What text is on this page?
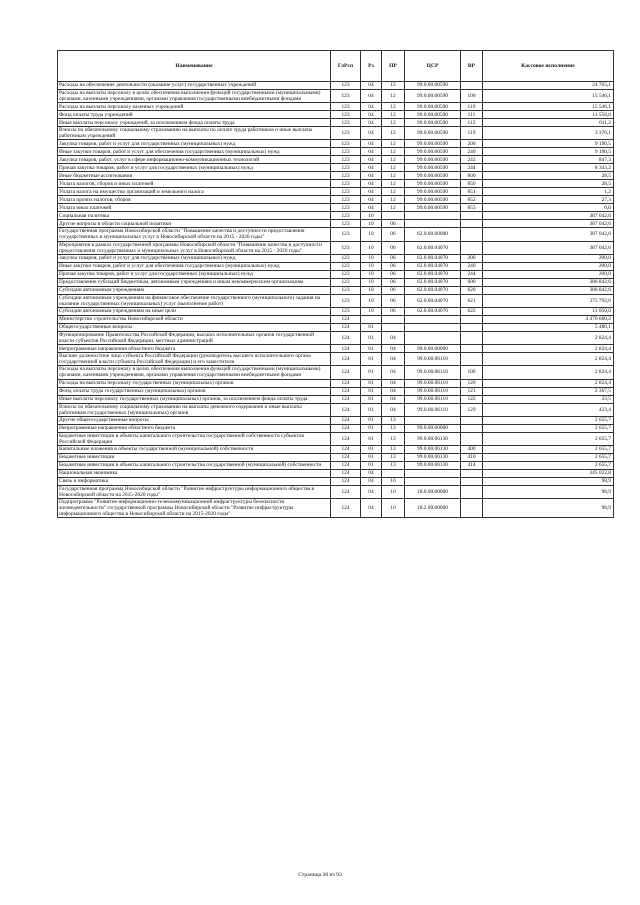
Наименование	ГлРсп	Рз	ПР	ЦСР	ВР	Кассовое исполнение
Расходы на обеспечение деятельности (оказание услуг) государственных учреждений	123	04	12	99.0.00.00590		24 765,1
Расходы на выплаты персоналу в целях обеспечения выполнения функций государственными (муниципальными) органами, казенными учреждениями, органами управления государственными внебюджетными фондами	123	04	12	99.0.00.00590	100	15 546,1
Расходы на выплаты персоналу казенных учреждений	123	04	12	99.0.00.00590	110	15 546,1
Фонд оплаты труда учреждений	123	04	12	99.0.00.00590	111	11 558,8
Иные выплаты персоналу учреждений, за исключением фонда оплаты труда	123	04	12	99.0.00.00590	112	611,2
Взносы по обязательному социальному страхованию на выплаты по оплате труда работников и иные выплаты работникам учреждений	123	04	12	99.0.00.00590	119	3 376,1
Закупка товаров, работ и услуг для государственных (муниципальных) нужд	123	04	12	99.0.00.00590	200	9 190,5
Иные закупки товаров, работ и услуг для обеспечения государственных (муниципальных) нужд	123	04	12	99.0.00.00590	240	9 190,5
Закупка товаров, работ, услуг в сфере информационно-коммуникационных технологий	123	04	12	99.0.00.00590	242	847,3
Прочая закупка товаров, работ и услуг для государственных (муниципальных) нужд	123	04	12	99.0.00.00590	244	8 343,2
Иные бюджетные ассигнования	123	04	12	99.0.00.00590	800	28,5
Уплата налогов, сборов и иных платежей	123	04	12	99.0.00.00590	850	28,5
Уплата налога на имущество организаций и земельного налога	123	04	12	99.0.00.00590	851	1,2
Уплата прочих налогов, сборов	123	04	12	99.0.00.00590	852	27,3
Уплата иных платежей	123	04	12	99.0.00.00590	853	0,0
Социальная политика	123	10				387 042,6
Другие вопросы в области социальной политики	123	10	06			387 042,6
Государственная программа Новосибирской области "Повышение качества и доступности предоставления государственных и муниципальных услуг в Новосибирской области на 2015 - 2020 годы"	123	10	06	62.0.00.00000		387 042,6
Мероприятия в рамках государственной программы Новосибирской области "Повышение качества и доступности предоставления государственных и муниципальных услуг в Новосибирской области на 2015 - 2020 годы"	123	10	06	62.0.00.04070		387 042,6
Закупка товаров, работ и услуг для государственных (муниципальных) нужд	123	10	06	62.0.00.04070	200	200,0
Иные закупки товаров, работ и услуг для обеспечения государственных (муниципальных) нужд	123	10	06	62.0.00.04070	240	200,0
Прочая закупка товаров, работ и услуг для государственных (муниципальных) нужд	123	10	06	62.0.00.04070	244	200,0
Предоставление субсидий бюджетным, автономным учреждениям и иным некоммерческим организациям	123	10	06	62.0.00.04070	600	386 842,6
Субсидии автономным учреждениям	123	10	06	62.0.00.04070	620	386 842,6
Субсидии автономным учреждениям на финансовое обеспечение государственного (муниципального) задания на оказание государственных (муниципальных) услуг (выполнение работ)	123	10	06	62.0.00.04070	621	375 792,6
Субсидии автономным учреждениям на иные цели	123	10	06	62.0.00.04070	622	11 050,0
Министерство строительства Новосибирской области	124					4 470 660,2
Общегосударственные вопросы	124	01				5 480,1
Функционирование Правительства Российской Федерации, высших исполнительных органов государственной власти субъектов Российской Федерации, местных администраций	124	01	04			2 824,4
Непрограммные направления областного бюджета	124	01	04	99.0.00.00000		2 824,4
Высшее должностное лицо субъекта Российской Федерации (руководитель высшего исполнительного органа государственной власти субъекта Российской Федерации) и его заместители	124	01	04	99.0.00.06110		2 824,4
Расходы на выплаты персоналу в целях обеспечения выполнения функций государственными (муниципальными) органами, казенными учреждениями, органами управления государственными внебюджетными фондами	124	01	04	99.0.00.06110	100	2 824,4
Расходы на выплаты персоналу государственных (муниципальных) органов	124	01	04	99.0.00.06110	120	2 824,4
Фонд оплаты труда государственных (муниципальных) органов	124	01	04	99.0.00.06110	121	2 367,5
Иные выплаты персоналу государственных (муниципальных) органов, за исключением фонда оплаты труда	124	01	04	99.0.00.06110	122	33,5
Взносы по обязательному социальному страхованию на выплаты денежного содержания и иные выплаты работникам государственных (муниципальных) органов	124	01	04	99.0.00.06110	129	423,4
Другие общегосударственные вопросы	124	01	13			2 655,7
Непрограммные направления областного бюджета	124	01	13	99.0.00.00000		2 655,7
Бюджетные инвестиции в объекты капитального строительства государственной собственности субъектов Российской Федерации	124	01	13	99.0.00.06130		2 655,7
Капитальные вложения в объекты государственной (муниципальной) собственности	124	01	13	99.0.00.06130	400	2 655,7
Бюджетные инвестиции	124	01	13	99.0.00.06130	410	2 655,7
Бюджетные инвестиции в объекты капитального строительства государственной (муниципальной) собственности	124	01	13	99.0.00.06130	414	2 655,7
Национальная экономика	124	04				345 022,8
Связь и информатика	124	04	10			98,9
Государственная программа Новосибирской области "Развитие инфраструктуры информационного общества в Новосибирской области на 2015-2020 годы"	124	04	10	18.0.00.00000		98,9
Подпрограмма "Развитие информационно-телекоммуникационной инфраструктуры безопасности жизнедеятельности" государственной программы Новосибирской области "Развитие инфраструктуры информационного общества в Новосибирской области на 2015-2020 годы"	124	04	10	18.2.00.00000		98,9
Страница 30 из 93
